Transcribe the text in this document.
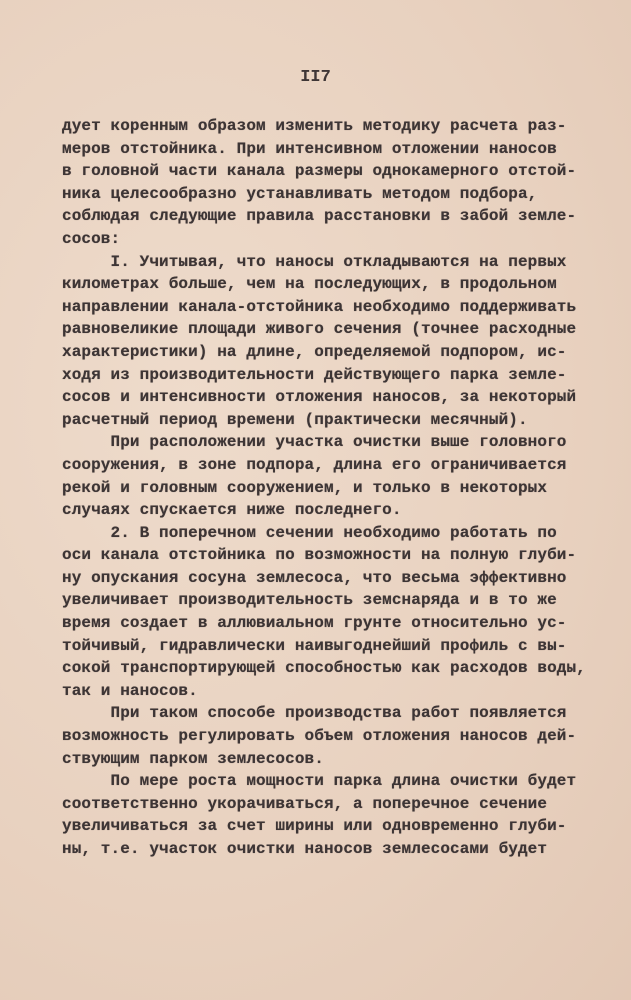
II7
дует коренным образом изменить методику расчета раз-
меров отстойника. При интенсивном отложении наносов
в головной части канала размеры однокамерного отстой-
ника целесообразно устанавливать методом подбора,
соблюдая следующие правила расстановки в забой земле-
сосов:
I. Учитывая, что наносы откладываются на первых
километрах больше, чем на последующих, в продольном
направлении канала-отстойника необходимо поддерживать
равновеликие площади живого сечения (точнее расходные
характеристики) на длине, определяемой подпором, ис-
ходя из производительности действующего парка земле-
сосов и интенсивности отложения наносов, за некоторый
расчетный период времени (практически месячный).
При расположении участка очистки выше головного
сооружения, в зоне подпора, длина его ограничивается
рекой и головным сооружением, и только в некоторых
случаях спускается ниже последнего.
2. В поперечном сечении необходимо работать по
оси канала отстойника по возможности на полную глуби-
ну опускания сосуна землесоса, что весьма эффективно
увеличивает производительность земснаряда и в то же
время создает в аллювиальном грунте относительно ус-
тойчивый, гидравлически наивыгоднейший профиль с вы-
сокой транспортирующей способностью как расходов воды,
так и наносов.
При таком способе производства работ появляется
возможность регулировать объем отложения наносов дей-
ствующим парком землесосов.
По мере роста мощности парка длина очистки будет
соответственно укорачиваться, а поперечное сечение
увеличиваться за счет ширины или одновременно глуби-
ны, т.е. участок очистки наносов землесосами будет
